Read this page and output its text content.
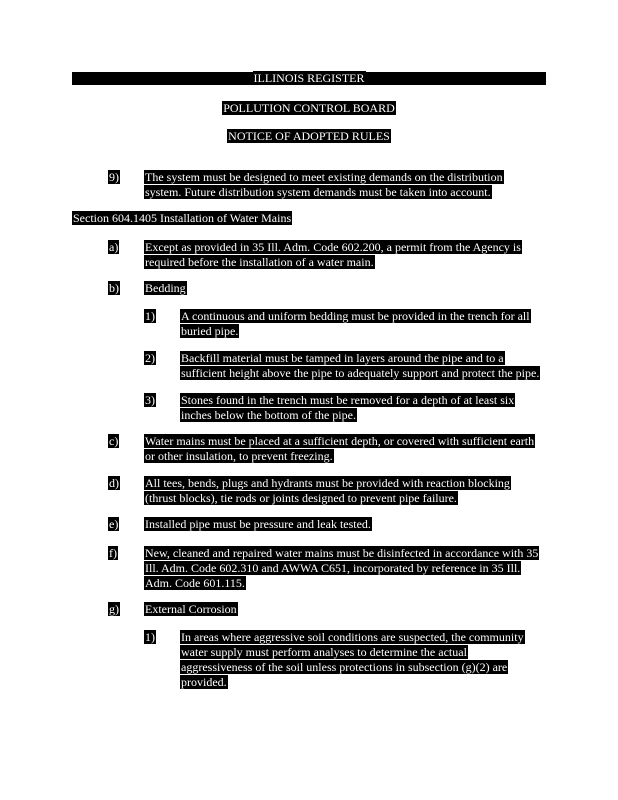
ILLINOIS REGISTER
POLLUTION CONTROL BOARD
NOTICE OF ADOPTED RULES
9) The system must be designed to meet existing demands on the distribution system. Future distribution system demands must be taken into account.
Section 604.1405 Installation of Water Mains
a) Except as provided in 35 Ill. Adm. Code 602.200, a permit from the Agency is required before the installation of a water main.
b) Bedding
1) A continuous and uniform bedding must be provided in the trench for all buried pipe.
2) Backfill material must be tamped in layers around the pipe and to a sufficient height above the pipe to adequately support and protect the pipe.
3) Stones found in the trench must be removed for a depth of at least six inches below the bottom of the pipe.
c) Water mains must be placed at a sufficient depth, or covered with sufficient earth or other insulation, to prevent freezing.
d) All tees, bends, plugs and hydrants must be provided with reaction blocking (thrust blocks), tie rods or joints designed to prevent pipe failure.
e) Installed pipe must be pressure and leak tested.
f) New, cleaned and repaired water mains must be disinfected in accordance with 35 Ill. Adm. Code 602.310 and AWWA C651, incorporated by reference in 35 Ill. Adm. Code 601.115.
g) External Corrosion
1) In areas where aggressive soil conditions are suspected, the community water supply must perform analyses to determine the actual aggressiveness of the soil unless protections in subsection (g)(2) are provided.
